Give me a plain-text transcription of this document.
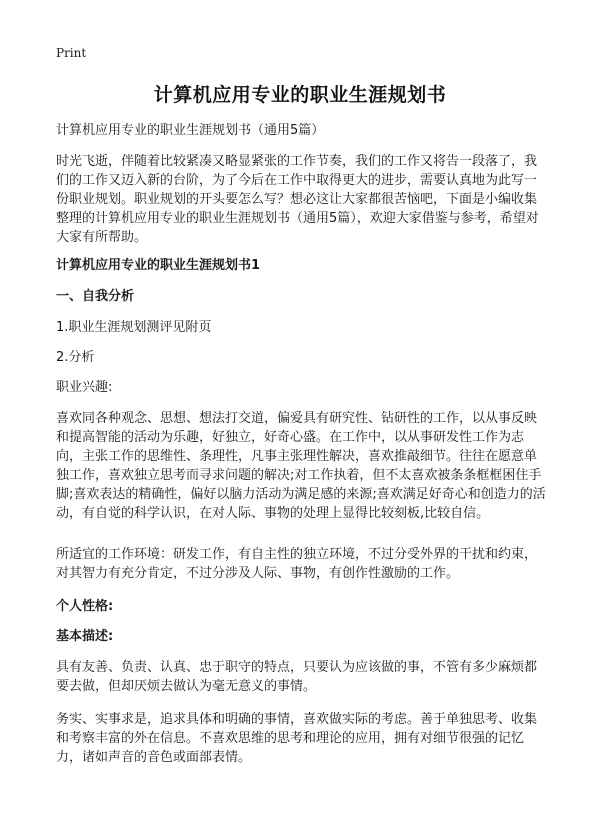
Print
计算机应用专业的职业生涯规划书

计算机应用专业的职业生涯规划书（通用5篇）

时光飞逝，伴随着比较紧凑又略显紧张的工作节奏，我们的工作又将告一段落了，我们的工作又迈入新的台阶，为了今后在工作中取得更大的进步，需要认真地为此写一份职业规划。职业规划的开头要怎么写？想必这让大家都很苦恼吧，下面是小编收集整理的计算机应用专业的职业生涯规划书（通用5篇），欢迎大家借鉴与参考，希望对大家有所帮助。

计算机应用专业的职业生涯规划书1

一、自我分析

1.职业生涯规划测评见附页

2.分析

职业兴趣:

喜欢同各种观念、思想、想法打交道，偏爱具有研究性、钻研性的工作，以从事反映和提高智能的活动为乐趣，好独立，好奇心盛。在工作中，以从事研发性工作为志向，主张工作的思维性、条理性，凡事主张理性解决，喜欢推敲细节。往往在愿意单独工作，喜欢独立思考而寻求问题的解决;对工作执着，但不太喜欢被条条框框困住手脚;喜欢表达的精确性，偏好以脑力活动为满足感的来源;喜欢满足好奇心和创造力的活动，有自觉的科学认识，在对人际、事物的处理上显得比较刻板,比较自信。

所适宜的工作环境：研发工作，有自主性的独立环境，不过分受外界的干扰和约束，对其智力有充分肯定，不过分涉及人际、事物，有创作性激励的工作。

个人性格:

基本描述:

具有友善、负责、认真、忠于职守的特点，只要认为应该做的事，不管有多少麻烦都要去做，但却厌烦去做认为毫无意义的事情。

务实、实事求是，追求具体和明确的事情，喜欢做实际的考虑。善于单独思考、收集和考察丰富的外在信息。不喜欢思维的思考和理论的应用，拥有对细节很强的记忆力，诸如声音的音色或面部表情。
